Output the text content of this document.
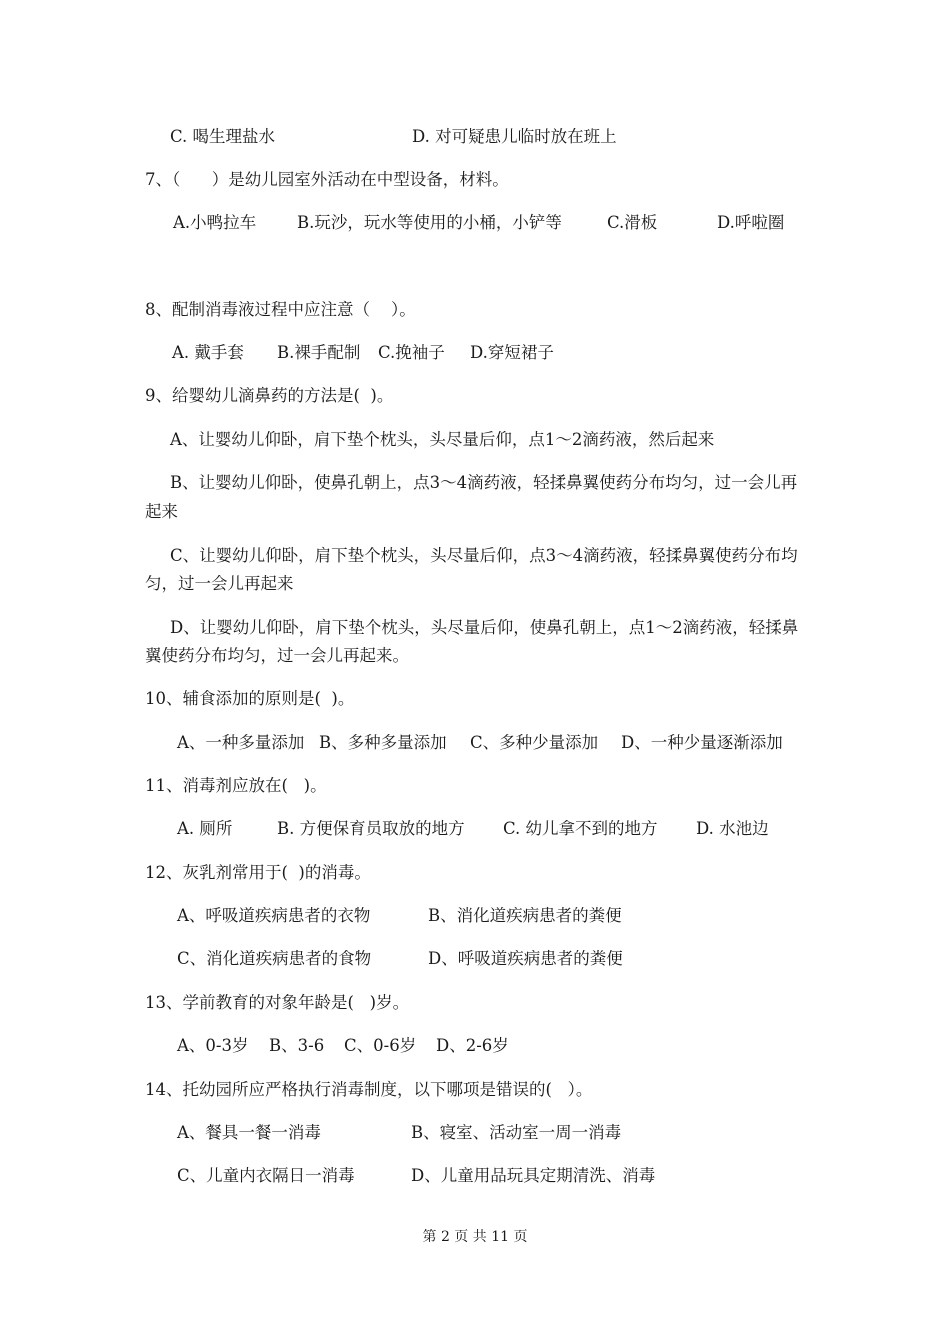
C. 喝生理盐水	D. 对可疑患儿临时放在班上
7、（      ）是幼儿园室外活动在中型设备，材料。
A.小鸭拉车 B.玩沙，玩水等使用的小桶，小铲等	C.滑板	D.呼啦圈
8、配制消毒液过程中应注意（    ）。
A. 戴手套 B.裸手配制 C.挽袖子 D.穿短裙子
9、给婴幼儿滴鼻药的方法是(  )。
A、让婴幼儿仰卧，肩下垫个枕头，头尽量后仰，点1～2滴药液，然后起来
B、让婴幼儿仰卧，使鼻孔朝上，点3～4滴药液，轻揉鼻翼使药分布均匀，过一会儿再
起来
C、让婴幼儿仰卧，肩下垫个枕头，头尽量后仰，点3～4滴药液，轻揉鼻翼使药分布均
匀，过一会儿再起来
D、让婴幼儿仰卧，肩下垫个枕头，头尽量后仰，使鼻孔朝上，点1～2滴药液，轻揉鼻
翼使药分布均匀，过一会儿再起来。
10、辅食添加的原则是(  )。
A、一种多量添加 B、多种多量添加 C、多种少量添加 D、一种少量逐渐添加
11、消毒剂应放在(   )。
A. 厕所	B. 方便保育员取放的地方 C. 幼儿拿不到的地方 D. 水池边
12、灰乳剂常用于(  )的消毒。
A、呼吸道疾病患者的衣物	B、消化道疾病患者的粪便
C、消化道疾病患者的食物	D、呼吸道疾病患者的粪便
13、学前教育的对象年龄是(   )岁。
A、0-3岁 B、3-6 C、0-6岁 D、2-6岁
14、托幼园所应严格执行消毒制度，以下哪项是错误的(   ）。
A、餐具一餐一消毒	B、寝室、活动室一周一消毒
C、儿童内衣隔日一消毒	D、儿童用品玩具定期清洗、消毒
第 2 页 共 11 页
